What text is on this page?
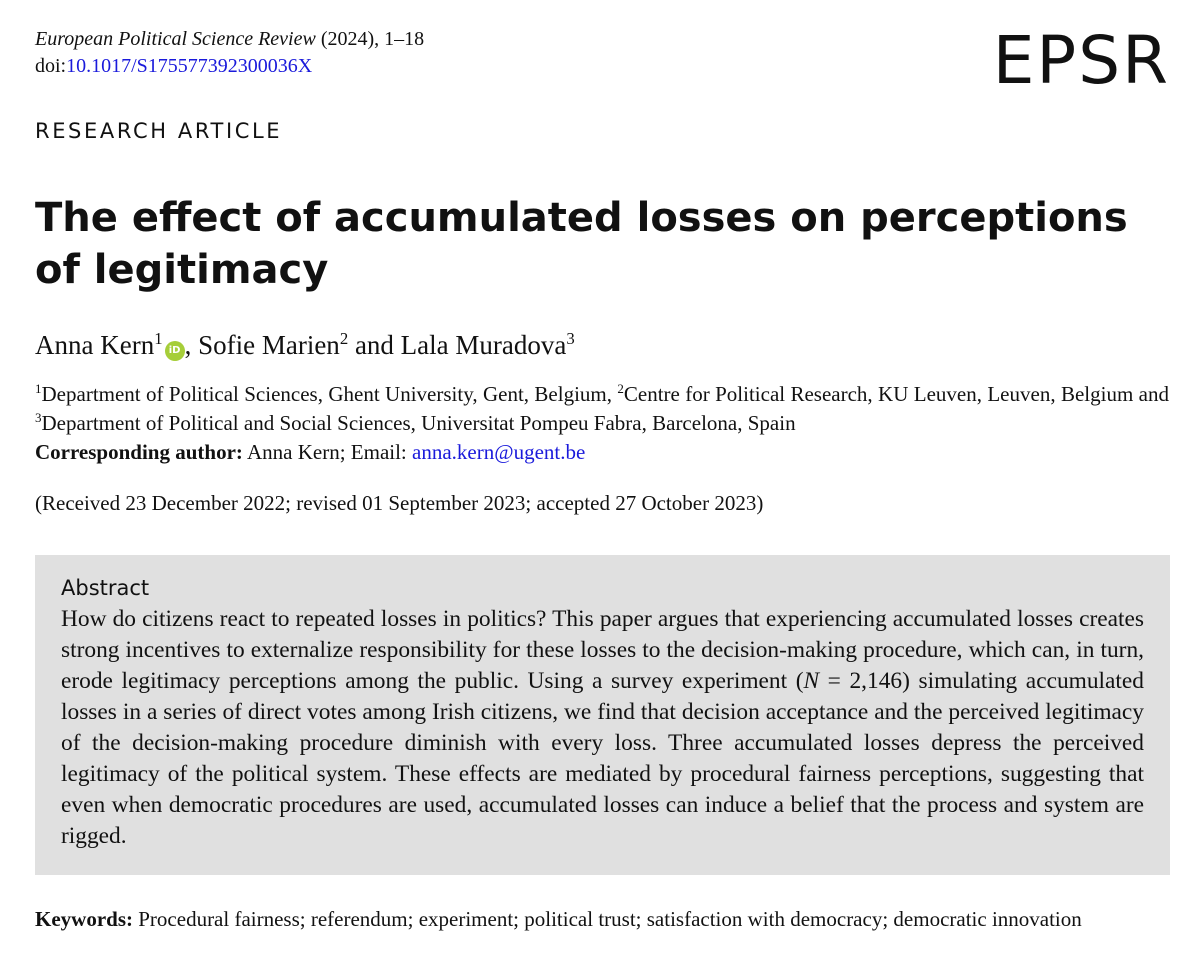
European Political Science Review (2024), 1–18
doi:10.1017/S175577392300036X	EPSR
RESEARCH ARTICLE
The effect of accumulated losses on perceptions of legitimacy
Anna Kern$^1$iD , Sofie Marien$^2$ and Lala Muradova$^3$
$^1$Department of Political Sciences, Ghent University, Gent, Belgium, $^2$Centre for Political Research, KU Leuven, Leuven, Belgium and $^3$Department of Political and Social Sciences, Universitat Pompeu Fabra, Barcelona, Spain
Corresponding author: Anna Kern; Email: anna.kern@ugent.be
(Received 23 December 2022; revised 01 September 2023; accepted 27 October 2023)
Abstract

How do citizens react to repeated losses in politics? This paper argues that experiencing accumulated losses creates strong incentives to externalize responsibility for these losses to the decision-making procedure, which can, in turn, erode legitimacy perceptions among the public. Using a survey experiment (N = 2,146) simulating accumulated losses in a series of direct votes among Irish citizens, we find that decision acceptance and the perceived legitimacy of the decision-making procedure diminish with every loss. Three accumulated losses depress the perceived legitimacy of the political system. These effects are mediated by procedural fairness perceptions, suggesting that even when democratic procedures are used, accumulated losses can induce a belief that the process and system are rigged.

Keywords: Procedural fairness; referendum; experiment; political trust; satisfaction with democracy; democratic innovation
